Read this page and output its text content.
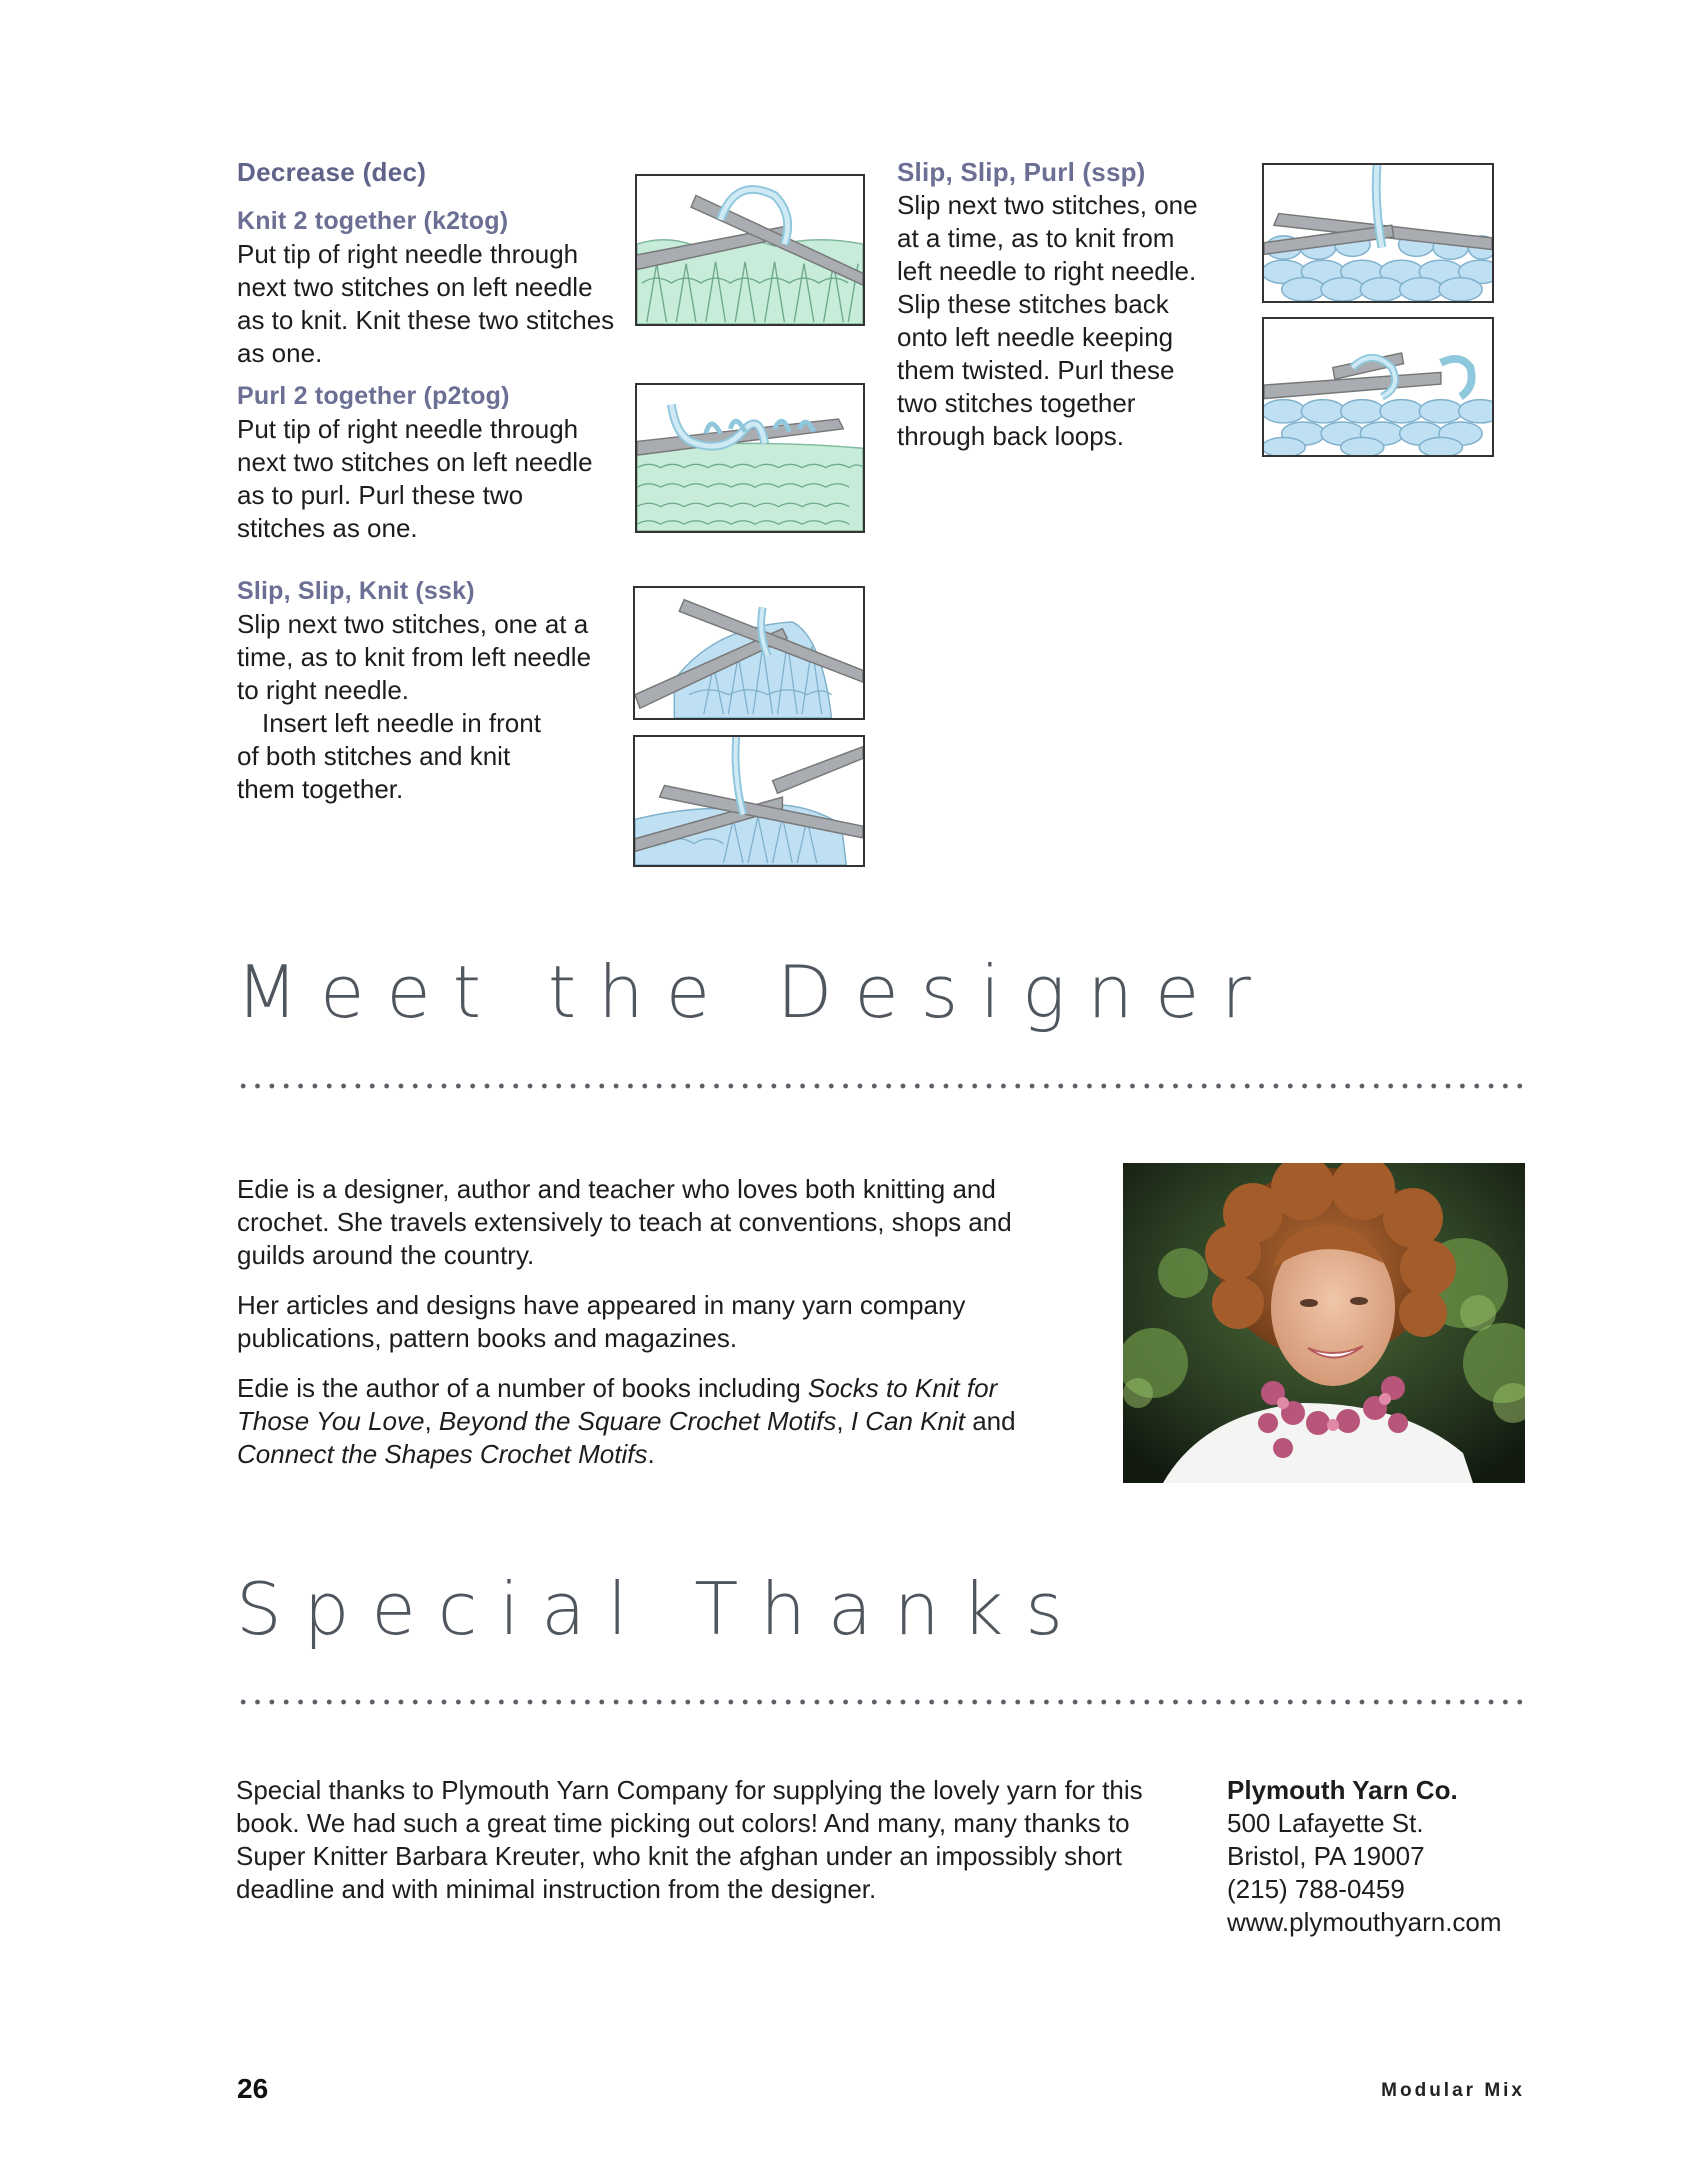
Decrease (dec)
Knit 2 together (k2tog)
Put tip of right needle through next two stitches on left needle as to knit. Knit these two stitches as one.
Purl 2 together (p2tog)
Put tip of right needle through next two stitches on left needle as to purl. Purl these two stitches as one.
Slip, Slip, Knit (ssk)
Slip next two stitches, one at a time, as to knit from left needle to right needle.
Insert left needle in front of both stitches and knit them together.
Slip, Slip, Purl (ssp)
Slip next two stitches, one at a time, as to knit from left needle to right needle. Slip these stitches back onto left needle keeping them twisted. Purl these two stitches together through back loops.
Meet the Designer
Edie is a designer, author and teacher who loves both knitting and crochet. She travels extensively to teach at conventions, shops and guilds around the country.
Her articles and designs have appeared in many yarn company publications, pattern books and magazines.
Edie is the author of a number of books including Socks to Knit for Those You Love, Beyond the Square Crochet Motifs, I Can Knit and Connect the Shapes Crochet Motifs.
Special Thanks
Special thanks to Plymouth Yarn Company for supplying the lovely yarn for this book. We had such a great time picking out colors! And many, many thanks to Super Knitter Barbara Kreuter, who knit the afghan under an impossibly short deadline and with minimal instruction from the designer.
Plymouth Yarn Co.
500 Lafayette St.
Bristol, PA 19007
(215) 788-0459
www.plymouthyarn.com
26	Modular Mix
